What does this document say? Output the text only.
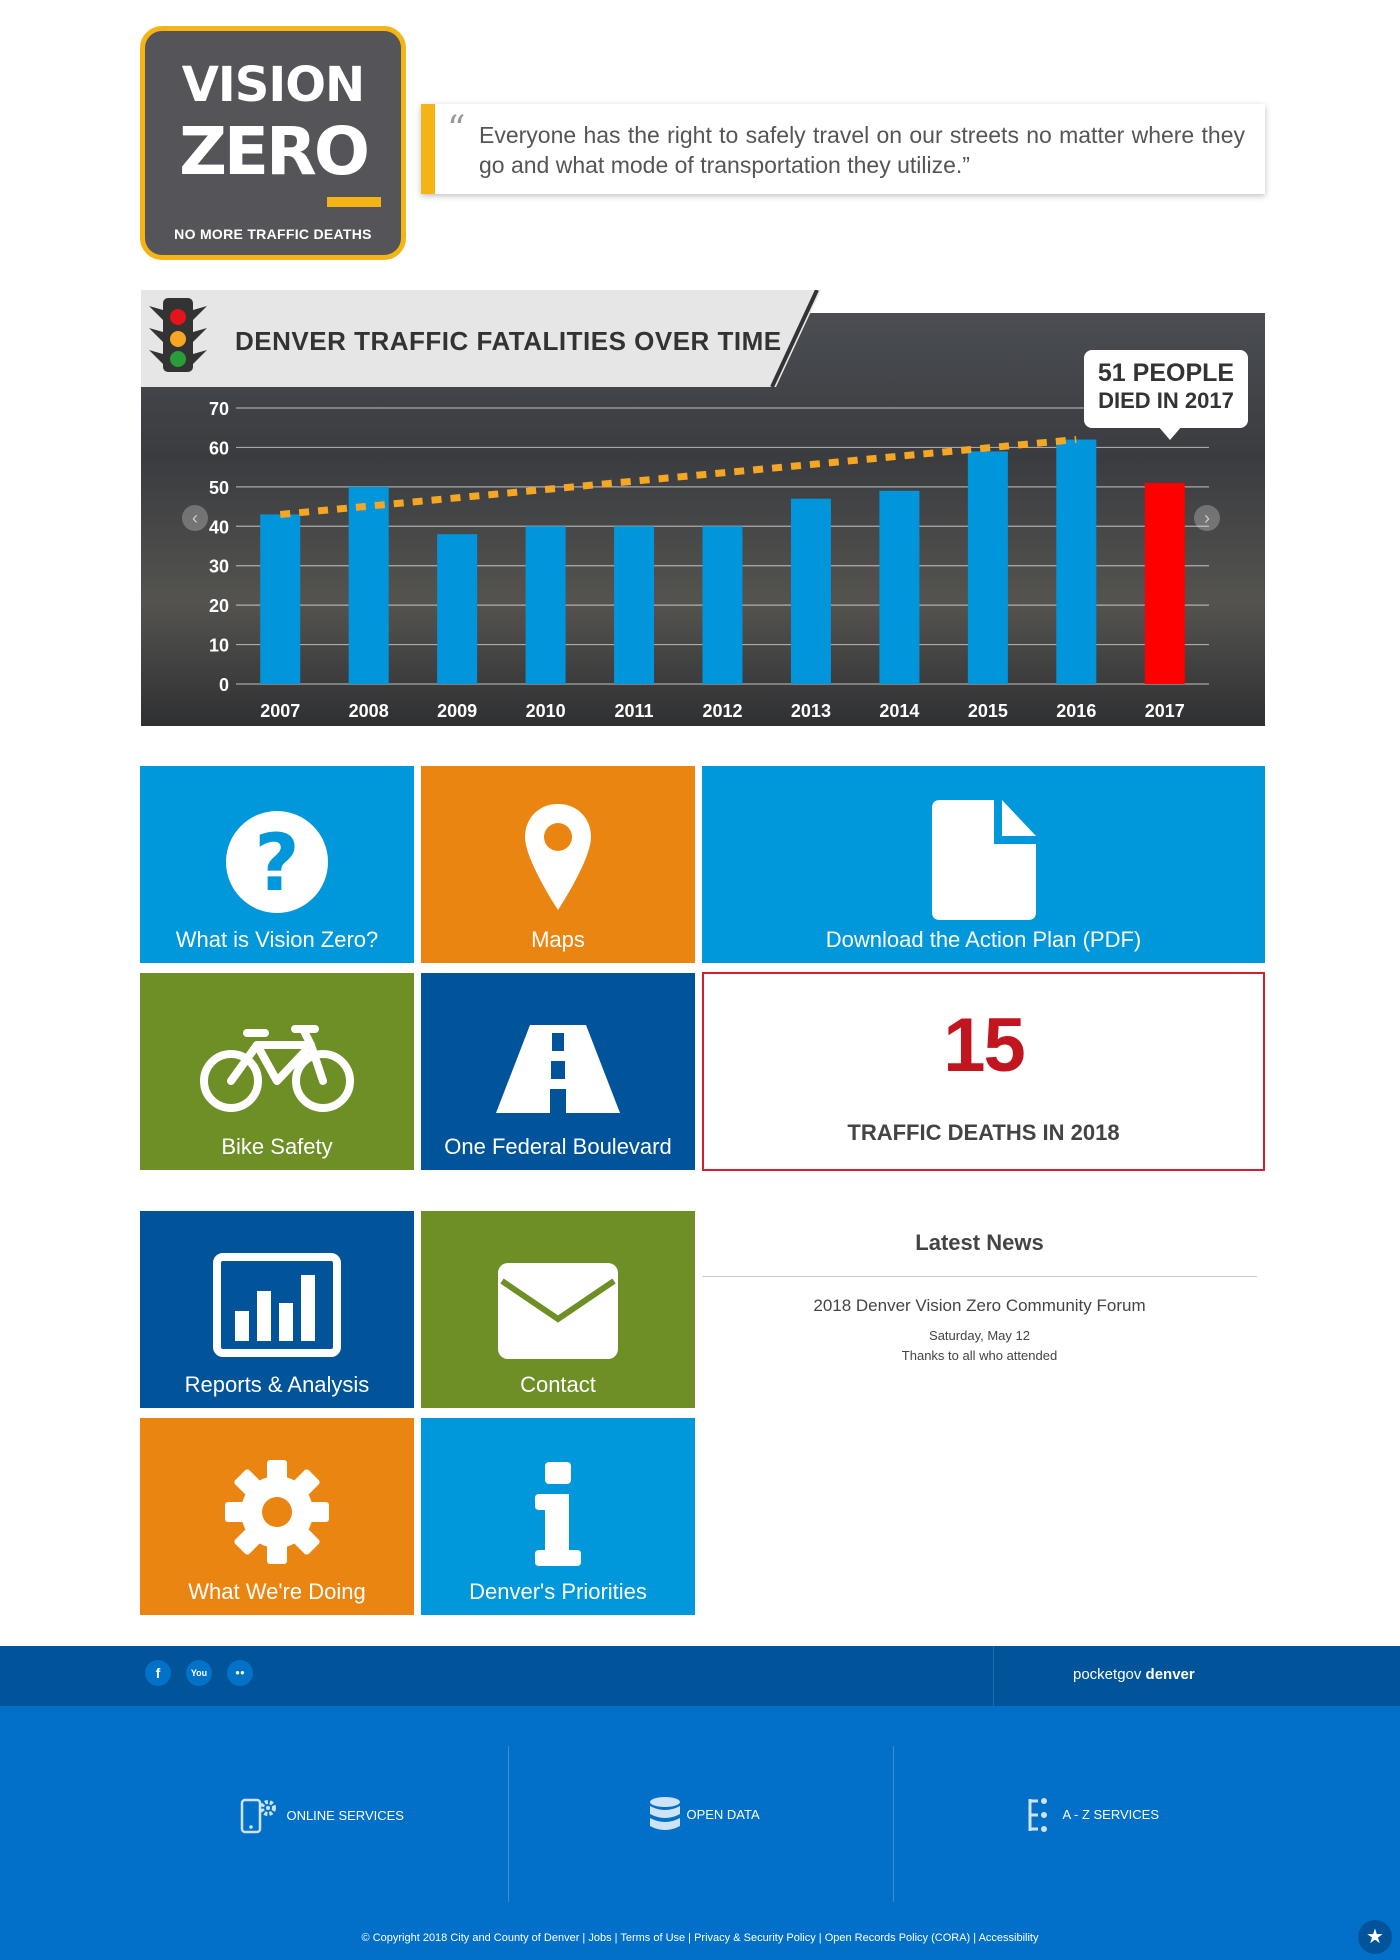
VISION
ZERO
NO MORE TRAFFIC DEATHS
“ Everyone has the right to safely travel on our streets no matter where they go and what mode of transportation they utilize.”
DENVER TRAFFIC FATALITIES OVER TIME
0
10
20
30
40
50
60
70
2007	2008	2009	2010	2011	2012	2013	2014	2015	2016	2017
51 PEOPLE
DIED IN 2017
‹	›
?
What is Vision Zero?	Maps	Download the Action Plan (PDF)
Bike Safety	One Federal Boulevard
15
TRAFFIC DEATHS IN 2018
Reports & Analysis	Contact
What We're Doing	Denver's Priorities
Latest News
2018 Denver Vision Zero Community Forum
Saturday, May 12
Thanks to all who attended
f	You	●●	pocketgov denver
ONLINE SERVICES	OPEN DATA	A - Z SERVICES
© Copyright 2018 City and County of Denver | Jobs | Terms of Use | Privacy & Security Policy | Open Records Policy (CORA) | Accessibility	★
